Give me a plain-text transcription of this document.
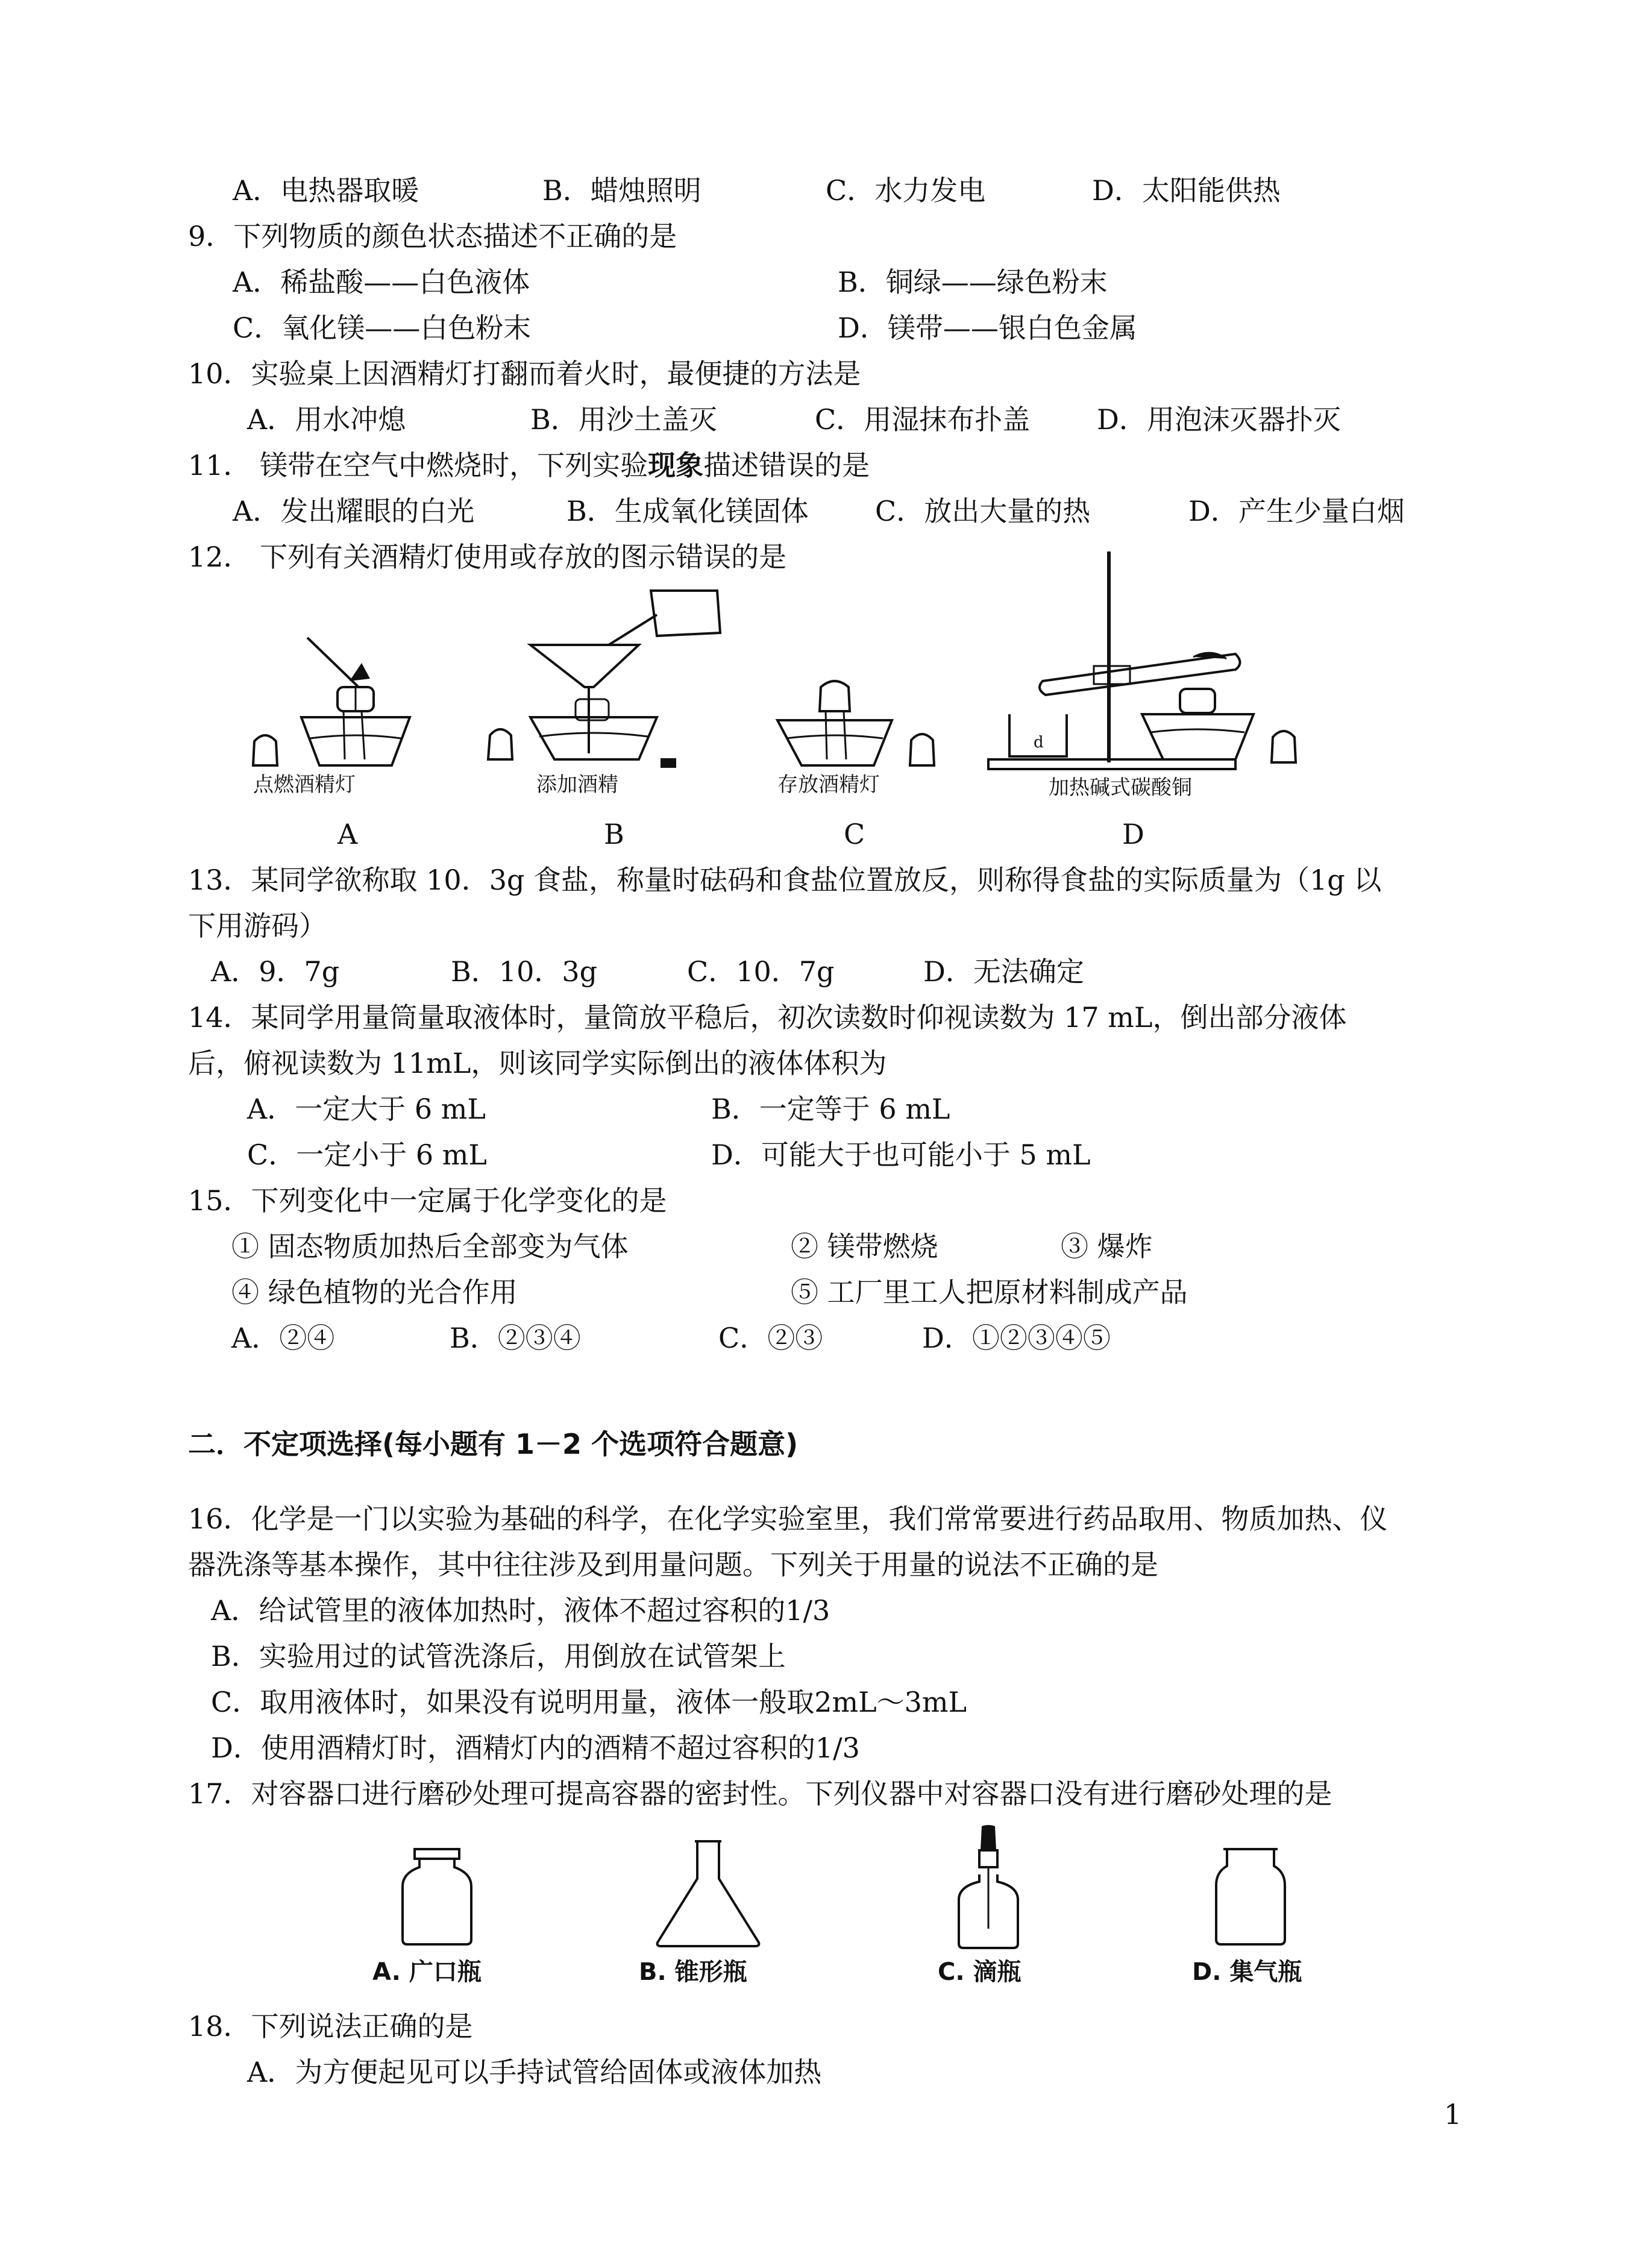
A．电热器取暖	B．蜡烛照明	C．水力发电	D．太阳能供热
9．下列物质的颜色状态描述不正确的是
A．稀盐酸——白色液体	B．铜绿——绿色粉末
C．氧化镁——白色粉末	D．镁带——银白色金属
10．实验桌上因酒精灯打翻而着火时，最便捷的方法是
A．用水冲熄	B．用沙土盖灭	C．用湿抹布扑盖 D．用泡沫灭器扑灭
11． 镁带在空气中燃烧时，下列实验现象描述错误的是
A．发出耀眼的白光	B．生成氧化镁固体 C．放出大量的热	D．产生少量白烟
12． 下列有关酒精灯使用或存放的图示错误的是
点燃酒精灯
A
添加酒精
B
存放酒精灯
C
d
加热碱式碳酸铜
D
13．某同学欲称取 10．3g 食盐，称量时砝码和食盐位置放反，则称得食盐的实际质量为（1g 以
下用游码）
A．9．7g	B．10．3g	C．10．7g	D．无法确定
14．某同学用量筒量取液体时，量筒放平稳后，初次读数时仰视读数为 17 mL，倒出部分液体
后，俯视读数为 11mL，则该同学实际倒出的液体体积为
A．一定大于 6 mL	B．一定等于 6 mL
C．一定小于 6 mL	D．可能大于也可能小于 5 mL
15．下列变化中一定属于化学变化的是
① 固态物质加热后全部变为气体	② 镁带燃烧	③ 爆炸
④ 绿色植物的光合作用	⑤ 工厂里工人把原材料制成产品
A．②④	B．②③④	C．②③	D．①②③④⑤
二．不定项选择(每小题有 1－2 个选项符合题意)
16．化学是一门以实验为基础的科学，在化学实验室里，我们常常要进行药品取用、物质加热、仪
器洗涤等基本操作，其中往往涉及到用量问题。下列关于用量的说法不正确的是
A．给试管里的液体加热时，液体不超过容积的1/3
B．实验用过的试管洗涤后，用倒放在试管架上
C．取用液体时，如果没有说明用量，液体一般取2mL～3mL
D．使用酒精灯时，酒精灯内的酒精不超过容积的1/3
17．对容器口进行磨砂处理可提高容器的密封性。下列仪器中对容器口没有进行磨砂处理的是
A. 广口瓶	B. 锥形瓶	C. 滴瓶	D. 集气瓶
18．下列说法正确的是
A．为方便起见可以手持试管给固体或液体加热
1
